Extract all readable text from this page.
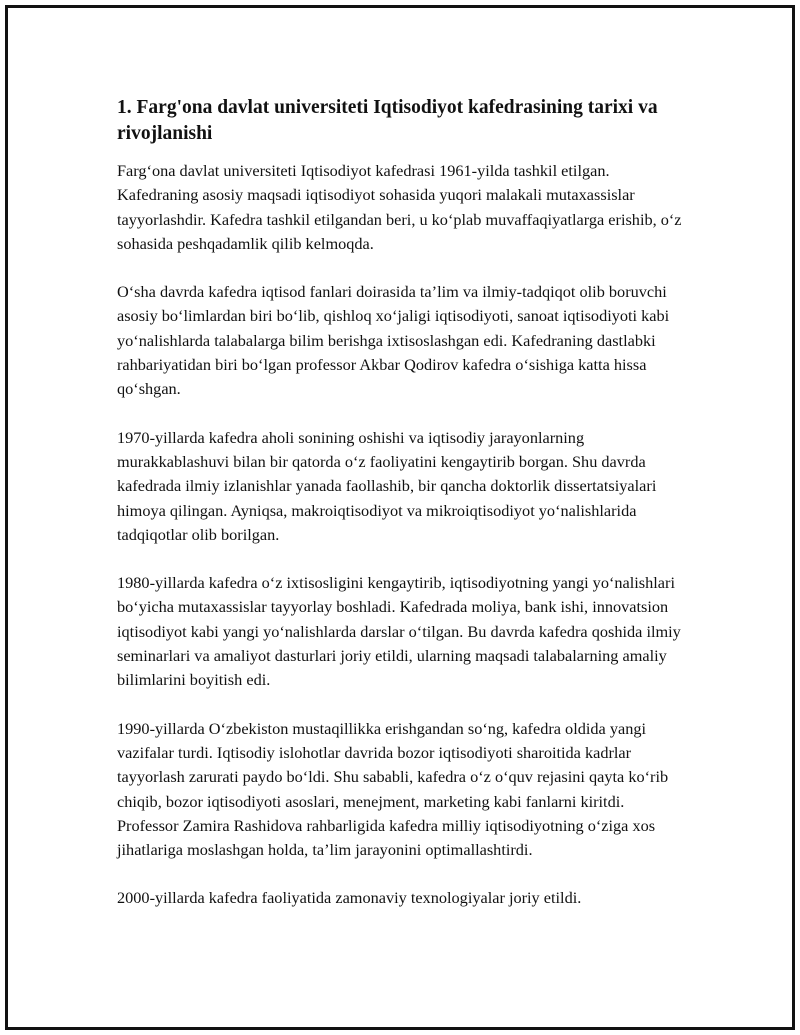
1. Farg'ona davlat universiteti Iqtisodiyot kafedrasining tarixi va rivojlanishi

Farg‘ona davlat universiteti Iqtisodiyot kafedrasi 1961-yilda tashkil etilgan. Kafedraning asosiy maqsadi iqtisodiyot sohasida yuqori malakali mutaxassislar tayyorlashdir. Kafedra tashkil etilgandan beri, u ko‘plab muvaffaqiyatlarga erishib, o‘z sohasida peshqadamlik qilib kelmoqda.

O‘sha davrda kafedra iqtisod fanlari doirasida ta’lim va ilmiy-tadqiqot olib boruvchi asosiy bo‘limlardan biri bo‘lib, qishloq xo‘jaligi iqtisodiyoti, sanoat iqtisodiyoti kabi yo‘nalishlarda talabalarga bilim berishga ixtisoslashgan edi. Kafedraning dastlabki rahbariyatidan biri bo‘lgan professor Akbar Qodirov kafedra o‘sishiga katta hissa qo‘shgan.

1970-yillarda kafedra aholi sonining oshishi va iqtisodiy jarayonlarning murakkablashuvi bilan bir qatorda o‘z faoliyatini kengaytirib borgan. Shu davrda kafedrada ilmiy izlanishlar yanada faollashib, bir qancha doktorlik dissertatsiyalari himoya qilingan. Ayniqsa, makroiqtisodiyot va mikroiqtisodiyot yo‘nalishlarida tadqiqotlar olib borilgan.

1980-yillarda kafedra o‘z ixtisosligini kengaytirib, iqtisodiyotning yangi yo‘nalishlari bo‘yicha mutaxassislar tayyorlay boshladi. Kafedrada moliya, bank ishi, innovatsion iqtisodiyot kabi yangi yo‘nalishlarda darslar o‘tilgan. Bu davrda kafedra qoshida ilmiy seminarlari va amaliyot dasturlari joriy etildi, ularning maqsadi talabalarning amaliy bilimlarini boyitish edi.

1990-yillarda O‘zbekiston mustaqillikka erishgandan so‘ng, kafedra oldida yangi vazifalar turdi. Iqtisodiy islohotlar davrida bozor iqtisodiyoti sharoitida kadrlar tayyorlash zarurati paydo bo‘ldi. Shu sababli, kafedra o‘z o‘quv rejasini qayta ko‘rib chiqib, bozor iqtisodiyoti asoslari, menejment, marketing kabi fanlarni kiritdi. Professor Zamira Rashidova rahbarligida kafedra milliy iqtisodiyotning o‘ziga xos jihatlariga moslashgan holda, ta’lim jarayonini optimallashtirdi.

2000-yillarda kafedra faoliyatida zamonaviy texnologiyalar joriy etildi.
